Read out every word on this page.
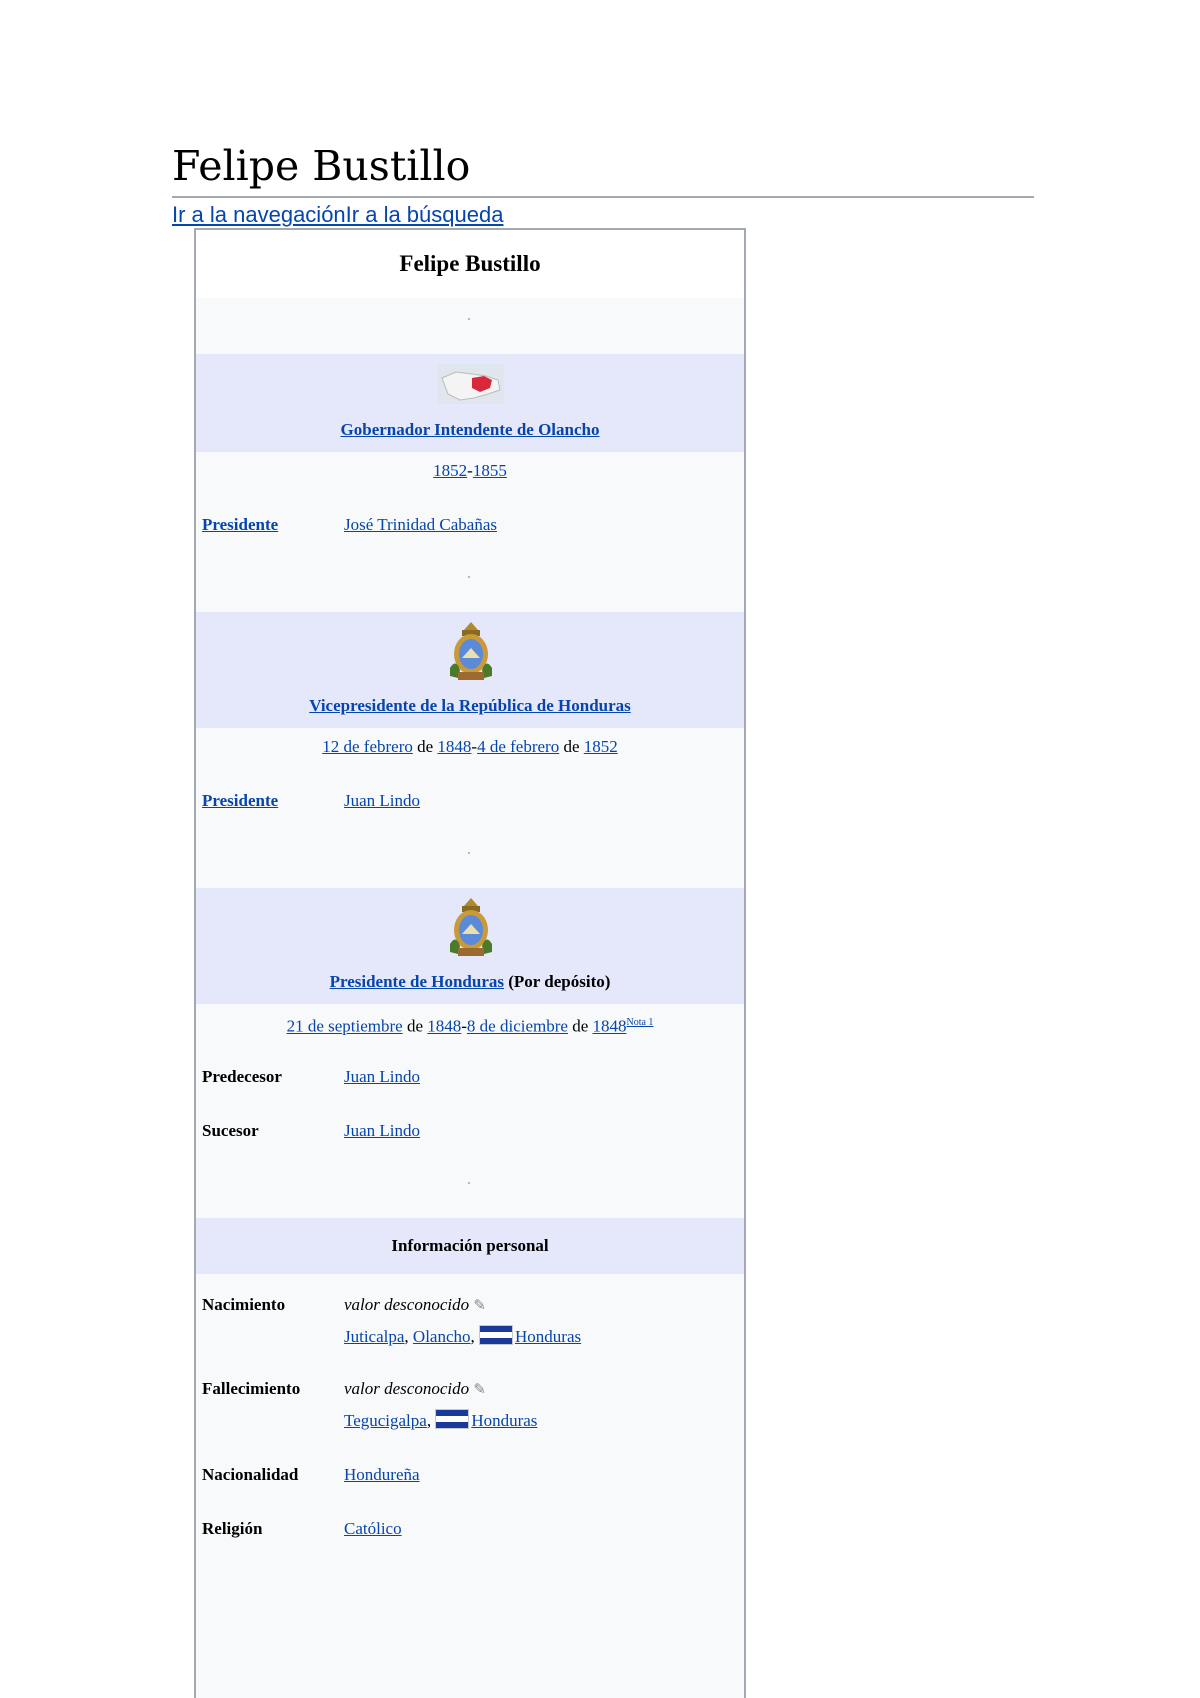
Felipe Bustillo
Ir a la navegaciónIr a la búsqueda
Felipe Bustillo
Gobernador Intendente de Olancho
1852-1855
Presidente	José Trinidad Cabañas
Vicepresidente de la República de Honduras
12 de febrero de 1848-4 de febrero de 1852
Presidente	Juan Lindo
Presidente de Honduras (Por depósito)
21 de septiembre de 1848-8 de diciembre de $1848^{Nota 1}$
Predecesor	Juan Lindo
Sucesor	Juan Lindo
Información personal
Nacimiento	valor desconocido ✎
Juticalpa, Olancho, Honduras
Fallecimiento	valor desconocido ✎
Tegucigalpa, Honduras
Nacionalidad	Hondureña
Religión	Católico
